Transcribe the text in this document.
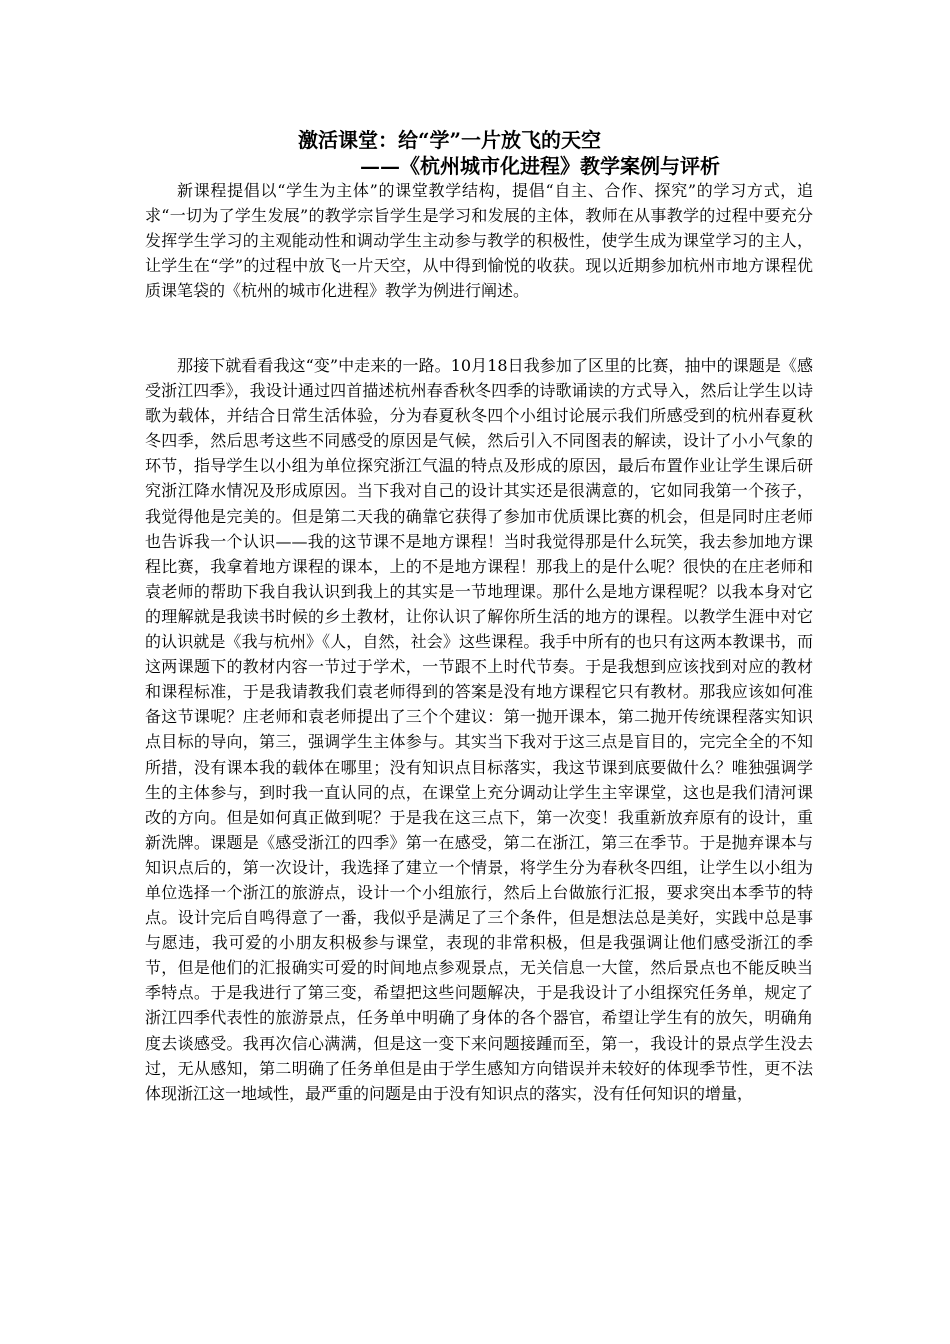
激活课堂：给“学”一片放飞的天空
——《杭州城市化进程》教学案例与评析

新课程提倡以“学生为主体”的课堂教学结构，提倡“自主、合作、探究”的学习方式，追求“一切为了学生发展”的教学宗旨学生是学习和发展的主体，教师在从事教学的过程中要充分发挥学生学习的主观能动性和调动学生主动参与教学的积极性，使学生成为课堂学习的主人，让学生在“学”的过程中放飞一片天空，从中得到愉悦的收获。现以近期参加杭州市地方课程优质课笔袋的《杭州的城市化进程》教学为例进行阐述。

那接下就看看我这“变”中走来的一路。10月18日我参加了区里的比赛，抽中的课题是《感受浙江四季》，我设计通过四首描述杭州春香秋冬四季的诗歌诵读的方式导入，然后让学生以诗歌为载体，并结合日常生活体验，分为春夏秋冬四个小组讨论展示我们所感受到的杭州春夏秋冬四季，然后思考这些不同感受的原因是气候，然后引入不同图表的解读，设计了小小气象的环节，指导学生以小组为单位探究浙江气温的特点及形成的原因，最后布置作业让学生课后研究浙江降水情况及形成原因。当下我对自己的设计其实还是很满意的，它如同我第一个孩子，我觉得他是完美的。但是第二天我的确靠它获得了参加市优质课比赛的机会，但是同时庄老师也告诉我一个认识——我的这节课不是地方课程！当时我觉得那是什么玩笑，我去参加地方课程比赛，我拿着地方课程的课本，上的不是地方课程！那我上的是什么呢？很快的在庄老师和袁老师的帮助下我自我认识到我上的其实是一节地理课。那什么是地方课程呢？以我本身对它的理解就是我读书时候的乡土教材，让你认识了解你所生活的地方的课程。以教学生涯中对它的认识就是《我与杭州》《人，自然，社会》这些课程。我手中所有的也只有这两本教课书，而这两课题下的教材内容一节过于学术，一节跟不上时代节奏。于是我想到应该找到对应的教材和课程标准，于是我请教我们袁老师得到的答案是没有地方课程它只有教材。那我应该如何准备这节课呢？庄老师和袁老师提出了三个个建议：第一抛开课本，第二抛开传统课程落实知识点目标的导向，第三，强调学生主体参与。其实当下我对于这三点是盲目的，完完全全的不知所措，没有课本我的载体在哪里；没有知识点目标落实，我这节课到底要做什么？唯独强调学生的主体参与，到时我一直认同的点，在课堂上充分调动让学生主宰课堂，这也是我们清河课改的方向。但是如何真正做到呢？于是我在这三点下，第一次变！我重新放弃原有的设计，重新洗牌。课题是《感受浙江的四季》第一在感受，第二在浙江，第三在季节。于是抛弃课本与知识点后的，第一次设计，我选择了建立一个情景，将学生分为春秋冬四组，让学生以小组为单位选择一个浙江的旅游点，设计一个小组旅行，然后上台做旅行汇报，要求突出本季节的特点。设计完后自鸣得意了一番，我似乎是满足了三个条件，但是想法总是美好，实践中总是事与愿违，我可爱的小朋友积极参与课堂，表现的非常积极，但是我强调让他们感受浙江的季节，但是他们的汇报确实可爱的时间地点参观景点，无关信息一大筐，然后景点也不能反映当季特点。于是我进行了第三变，希望把这些问题解决，于是我设计了小组探究任务单，规定了浙江四季代表性的旅游景点，任务单中明确了身体的各个器官，希望让学生有的放矢，明确角度去谈感受。我再次信心满满，但是这一变下来问题接踵而至，第一，我设计的景点学生没去过，无从感知，第二明确了任务单但是由于学生感知方向错误并未较好的体现季节性，更不法体现浙江这一地域性，最严重的问题是由于没有知识点的落实，没有任何知识的增量，
